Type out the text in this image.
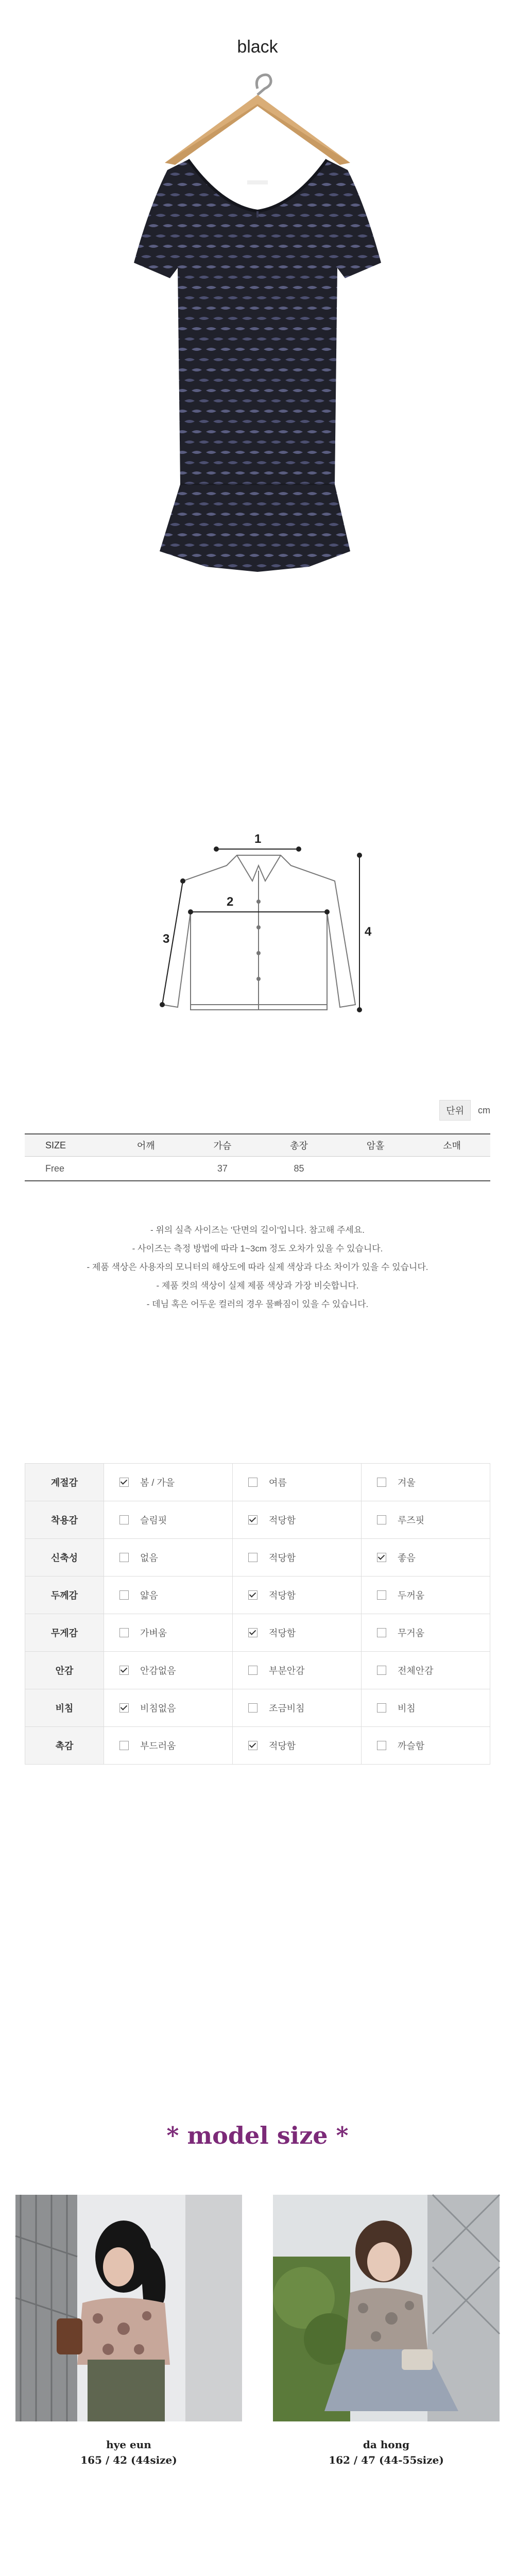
black
1
2
3
4
단위	cm
SIZE	어깨	가슴	총장	암홀	소매
Free		37	85		
- 위의 실측 사이즈는 '단면의 길이'입니다. 참고해 주세요.
- 사이즈는 측정 방법에 따라 1~3cm 정도 오차가 있을 수 있습니다.
- 제품 색상은 사용자의 모니터의 해상도에 따라 실제 색상과 다소 차이가 있을 수 있습니다.
- 제품 컷의 색상이 실제 제품 색상과 가장 비슷합니다.
- 데님 혹은 어두운 컬러의 경우 물빠짐이 있을 수 있습니다.
계절감	봄 / 가을	여름	겨울
착용감	슬림핏	적당함	루즈핏
신축성	없음	적당함	좋음
두께감	얇음	적당함	두꺼움
무게감	가벼움	적당함	무거움
안감	안감없음	부분안감	전체안감
비침	비침없음	조금비침	비침
촉감	부드러움	적당함	까슬함
* model size *
hye eun
165 / 42 (44size)
da hong
162 / 47 (44-55size)
